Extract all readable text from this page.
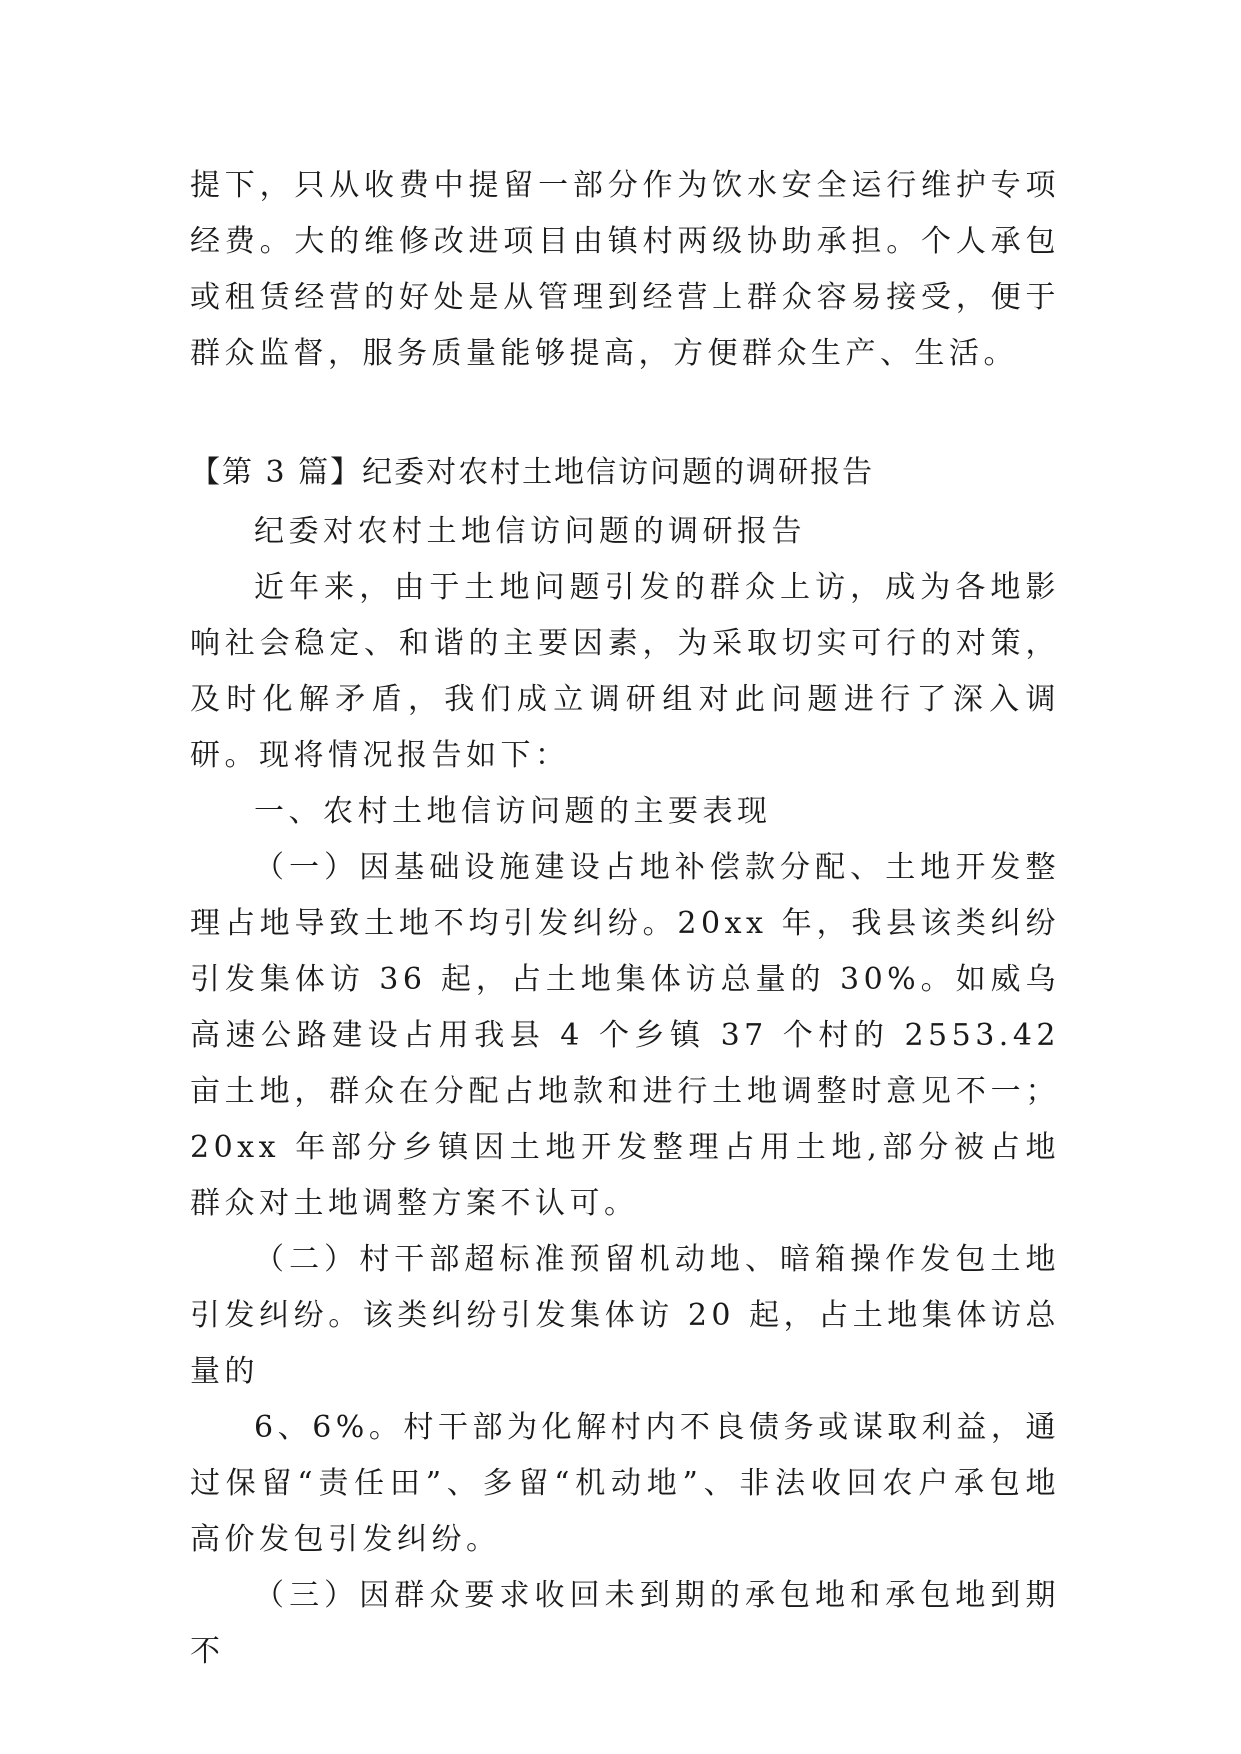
提下，只从收费中提留一部分作为饮水安全运行维护专项经费。大的维修改进项目由镇村两级协助承担。个人承包或租赁经营的好处是从管理到经营上群众容易接受，便于群众监督，服务质量能够提高，方便群众生产、生活。

【第 3 篇】纪委对农村土地信访问题的调研报告

纪委对农村土地信访问题的调研报告

近年来，由于土地问题引发的群众上访，成为各地影响社会稳定、和谐的主要因素，为采取切实可行的对策，及时化解矛盾，我们成立调研组对此问题进行了深入调研。现将情况报告如下：

一、农村土地信访问题的主要表现

（一）因基础设施建设占地补偿款分配、土地开发整理占地导致土地不均引发纠纷。20xx 年，我县该类纠纷引发集体访 36 起，占土地集体访总量的 30%。如威乌高速公路建设占用我县 4 个乡镇 37 个村的 2553.42 亩土地，群众在分配占地款和进行土地调整时意见不一；20xx 年部分乡镇因土地开发整理占用土地,部分被占地群众对土地调整方案不认可。

（二）村干部超标准预留机动地、暗箱操作发包土地引发纠纷。该类纠纷引发集体访 20 起，占土地集体访总量的

6、6%。村干部为化解村内不良债务或谋取利益，通过保留“责任田”、多留“机动地”、非法收回农户承包地高价发包引发纠纷。

（三）因群众要求收回未到期的承包地和承包地到期不
